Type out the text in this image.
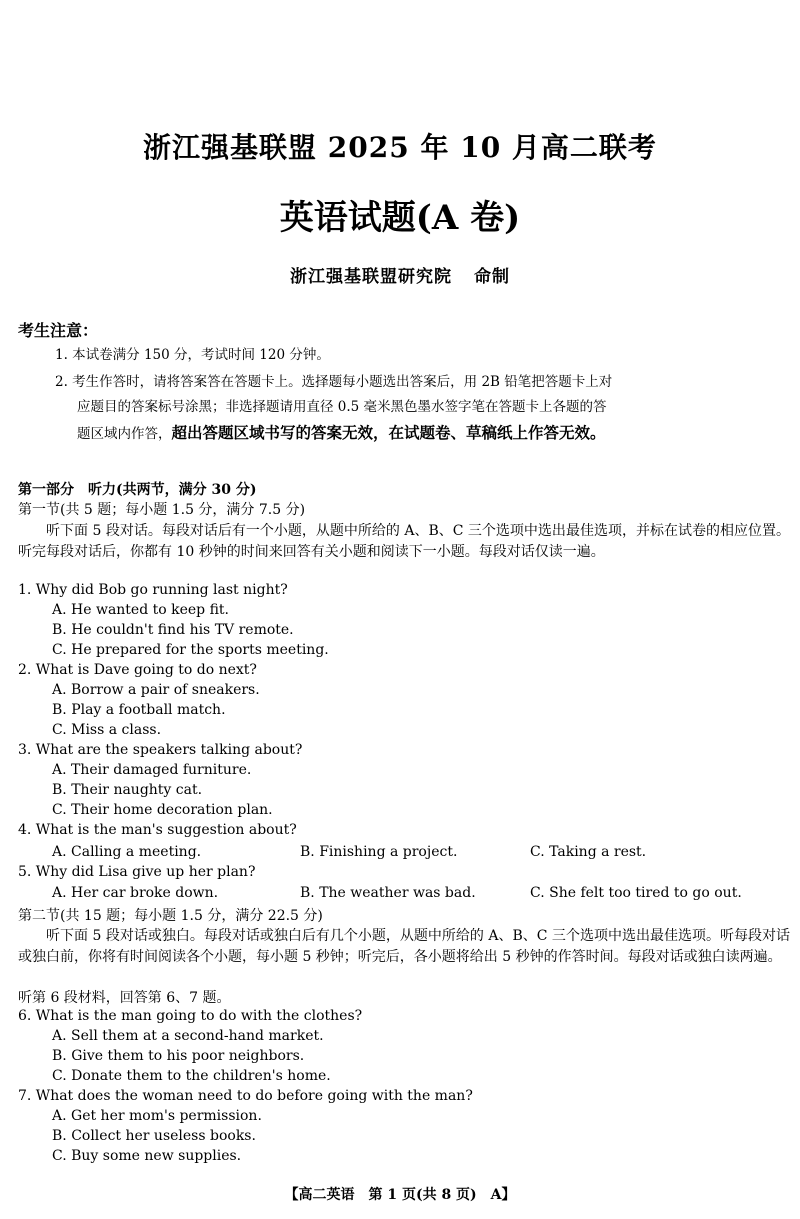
浙江强基联盟 2025 年 10 月高二联考
英语试题(A 卷)
浙江强基联盟研究院 命制
考生注意：
1. 本试卷满分 150 分，考试时间 120 分钟。
2. 考生作答时，请将答案答在答题卡上。选择题每小题选出答案后，用 2B 铅笔把答题卡上对
应题目的答案标号涂黑；非选择题请用直径 0.5 毫米黑色墨水签字笔在答题卡上各题的答
题区域内作答，超出答题区域书写的答案无效，在试题卷、草稿纸上作答无效。
第一部分　听力(共两节，满分 30 分)
第一节(共 5 题；每小题 1.5 分，满分 7.5 分)
听下面 5 段对话。每段对话后有一个小题，从题中所给的 A、B、C 三个选项中选出最佳选项，并标在试卷的相应位置。听完每段对话后，你都有 10 秒钟的时间来回答有关小题和阅读下一小题。每段对话仅读一遍。
1. Why did Bob go running last night?
A. He wanted to keep fit.
B. He couldn't find his TV remote.
C. He prepared for the sports meeting.
2. What is Dave going to do next?
A. Borrow a pair of sneakers.
B. Play a football match.
C. Miss a class.
3. What are the speakers talking about?
A. Their damaged furniture.
B. Their naughty cat.
C. Their home decoration plan.
4. What is the man's suggestion about?
A. Calling a meeting.	B. Finishing a project.	C. Taking a rest.
5. Why did Lisa give up her plan?
A. Her car broke down.	B. The weather was bad.	C. She felt too tired to go out.
第二节(共 15 题；每小题 1.5 分，满分 22.5 分)
听下面 5 段对话或独白。每段对话或独白后有几个小题，从题中所给的 A、B、C 三个选项中选出最佳选项。听每段对话或独白前，你将有时间阅读各个小题，每小题 5 秒钟；听完后，各小题将给出 5 秒钟的作答时间。每段对话或独白读两遍。
听第 6 段材料，回答第 6、7 题。
6. What is the man going to do with the clothes?
A. Sell them at a second-hand market.
B. Give them to his poor neighbors.
C. Donate them to the children's home.
7. What does the woman need to do before going with the man?
A. Get her mom's permission.
B. Collect her useless books.
C. Buy some new supplies.
【高二英语　第 1 页(共 8 页)　A】
